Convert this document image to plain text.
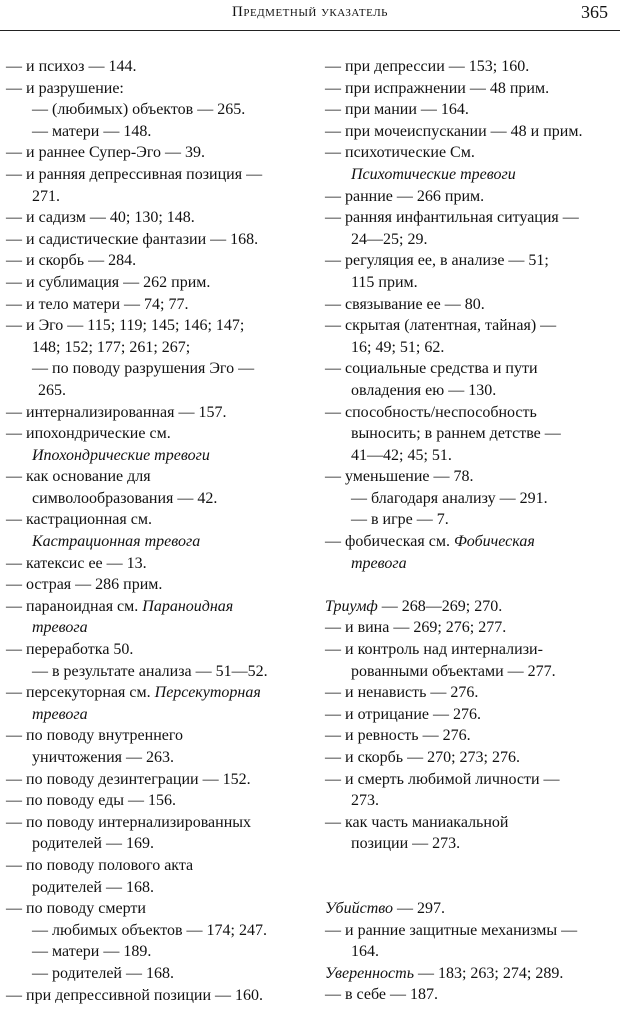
Предметный указатель	365
— и психоз — 144.
— и разрушение:
— (любимых) объектов — 265.
— матери — 148.
— и раннее Супер-Эго — 39.
— и ранняя депрессивная позиция —
271.
— и садизм — 40; 130; 148.
— и садистические фантазии — 168.
— и скорбь — 284.
— и сублимация — 262 прим.
— и тело матери — 74; 77.
— и Эго — 115; 119; 145; 146; 147;
148; 152; 177; 261; 267;
— по поводу разрушения Эго —
265.
— интернализированная — 157.
— ипохондрические см.
Ипохондрические тревоги
— как основание для
символообразования — 42.
— кастрационная см.
Кастрационная тревога
— катексис ее — 13.
— острая — 286 прим.
— параноидная см. Параноидная
тревога
— переработка 50.
— в результате анализа — 51—52.
— персекуторная см. Персекуторная
тревога
— по поводу внутреннего
уничтожения — 263.
— по поводу дезинтеграции — 152.
— по поводу еды — 156.
— по поводу интернализированных
родителей — 169.
— по поводу полового акта
родителей — 168.
— по поводу смерти
— любимых объектов — 174; 247.
— матери — 189.
— родителей — 168.
— при депрессивной позиции — 160.
— при депрессии — 153; 160.
— при испражнении — 48 прим.
— при мании — 164.
— при мочеиспускании — 48 и прим.
— психотические См.
Психотические тревоги
— ранние — 266 прим.
— ранняя инфантильная ситуация —
24—25; 29.
— регуляция ее, в анализе — 51;
115 прим.
— связывание ее — 80.
— скрытая (латентная, тайная) —
16; 49; 51; 62.
— социальные средства и пути
овладения ею — 130.
— способность/неспособность
выносить; в раннем детстве —
41—42; 45; 51.
— уменьшение — 78.
— благодаря анализу — 291.
— в игре — 7.
— фобическая см. Фобическая
тревога
Триумф — 268—269; 270.
— и вина — 269; 276; 277.
— и контроль над интернализи-
рованными объектами — 277.
— и ненависть — 276.
— и отрицание — 276.
— и ревность — 276.
— и скорбь — 270; 273; 276.
— и смерть любимой личности —
273.
— как часть маниакальной
позиции — 273.
Убийство — 297.
— и ранние защитные механизмы —
164.
Уверенность — 183; 263; 274; 289.
— в себе — 187.
